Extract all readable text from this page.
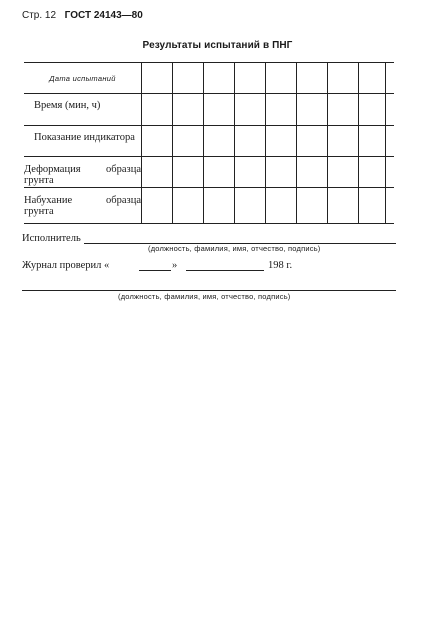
Стр. 12 ГОСТ 24143—80
Результаты испытаний в ПНГ
Дата испытаний
Время (мин, ч)
Показание индикатора
Деформация образца грунта
Набухание образца грунта
Исполнитель
(должность, фамилия, имя, отчество, подпись)
Журнал проверил «	»	198 г.
(должность, фамилия, имя, отчество, подпись)
